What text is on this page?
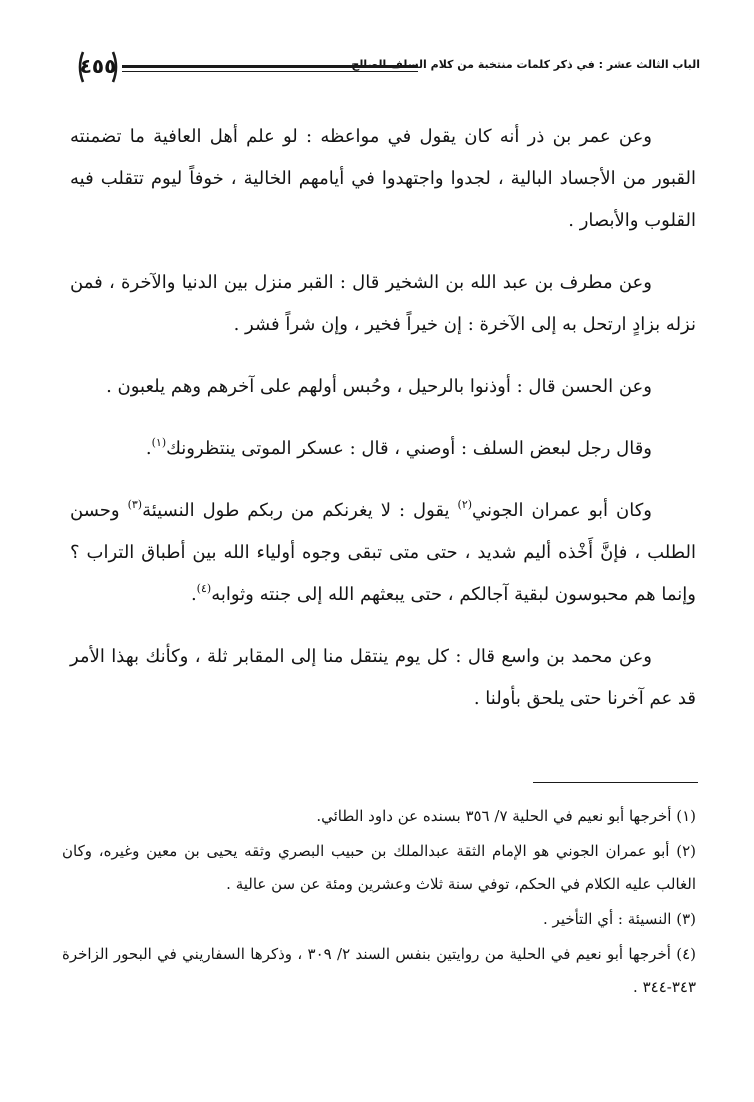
الباب الثالث عشر : في ذكر كلمات منتخبة من كلام السلف الصالح
٤٥٥

وعن عمر بن ذر أنه كان يقول في مواعظه : لو علم أهل العافية ما تضمنته القبور من الأجساد البالية ، لجدوا واجتهدوا في أيامهم الخالية ، خوفاً ليوم تتقلب فيه القلوب والأبصار .

وعن مطرف بن عبد الله بن الشخير قال : القبر منزل بين الدنيا والآخرة ، فمن نزله بزادٍ ارتحل به إلى الآخرة : إن خيراً فخير ، وإن شراً فشر .

وعن الحسن قال : أوذنوا بالرحيل ، وحُبس أولهم على آخرهم وهم يلعبون .

وقال رجل لبعض السلف : أوصني ، قال : عسكر الموتى ينتظرونك$^{(١)}$.

وكان أبو عمران الجوني$^{(٢)}$ يقول : لا يغرنكم من ربكم طول النسيئة$^{(٣)}$ وحسن الطلب ، فإنَّ أَخْذه أليم شديد ، حتى متى تبقى وجوه أولياء الله بين أطباق التراب ؟ وإنما هم محبوسون لبقية آجالكم ، حتى يبعثهم الله إلى جنته وثوابه$^{(٤)}$.

وعن محمد بن واسع قال : كل يوم ينتقل منا إلى المقابر ثلة ، وكأنك بهذا الأمر قد عم آخرنا حتى يلحق بأولنا .

(١) أخرجها أبو نعيم في الحلية ٧/ ٣٥٦ بسنده عن داود الطائي.

(٢) أبو عمران الجوني هو الإمام الثقة عبدالملك بن حبيب البصري وثقه يحيى بن معين وغيره، وكان الغالب عليه الكلام في الحكم، توفي سنة ثلاث وعشرين ومئة عن سن عالية .

(٣) النسيئة : أي التأخير .

(٤) أخرجها أبو نعيم في الحلية من روايتين بنفس السند ٢/ ٣٠٩ ، وذكرها السفاريني في البحور الزاخرة ٣٤٣-٣٤٤ .
